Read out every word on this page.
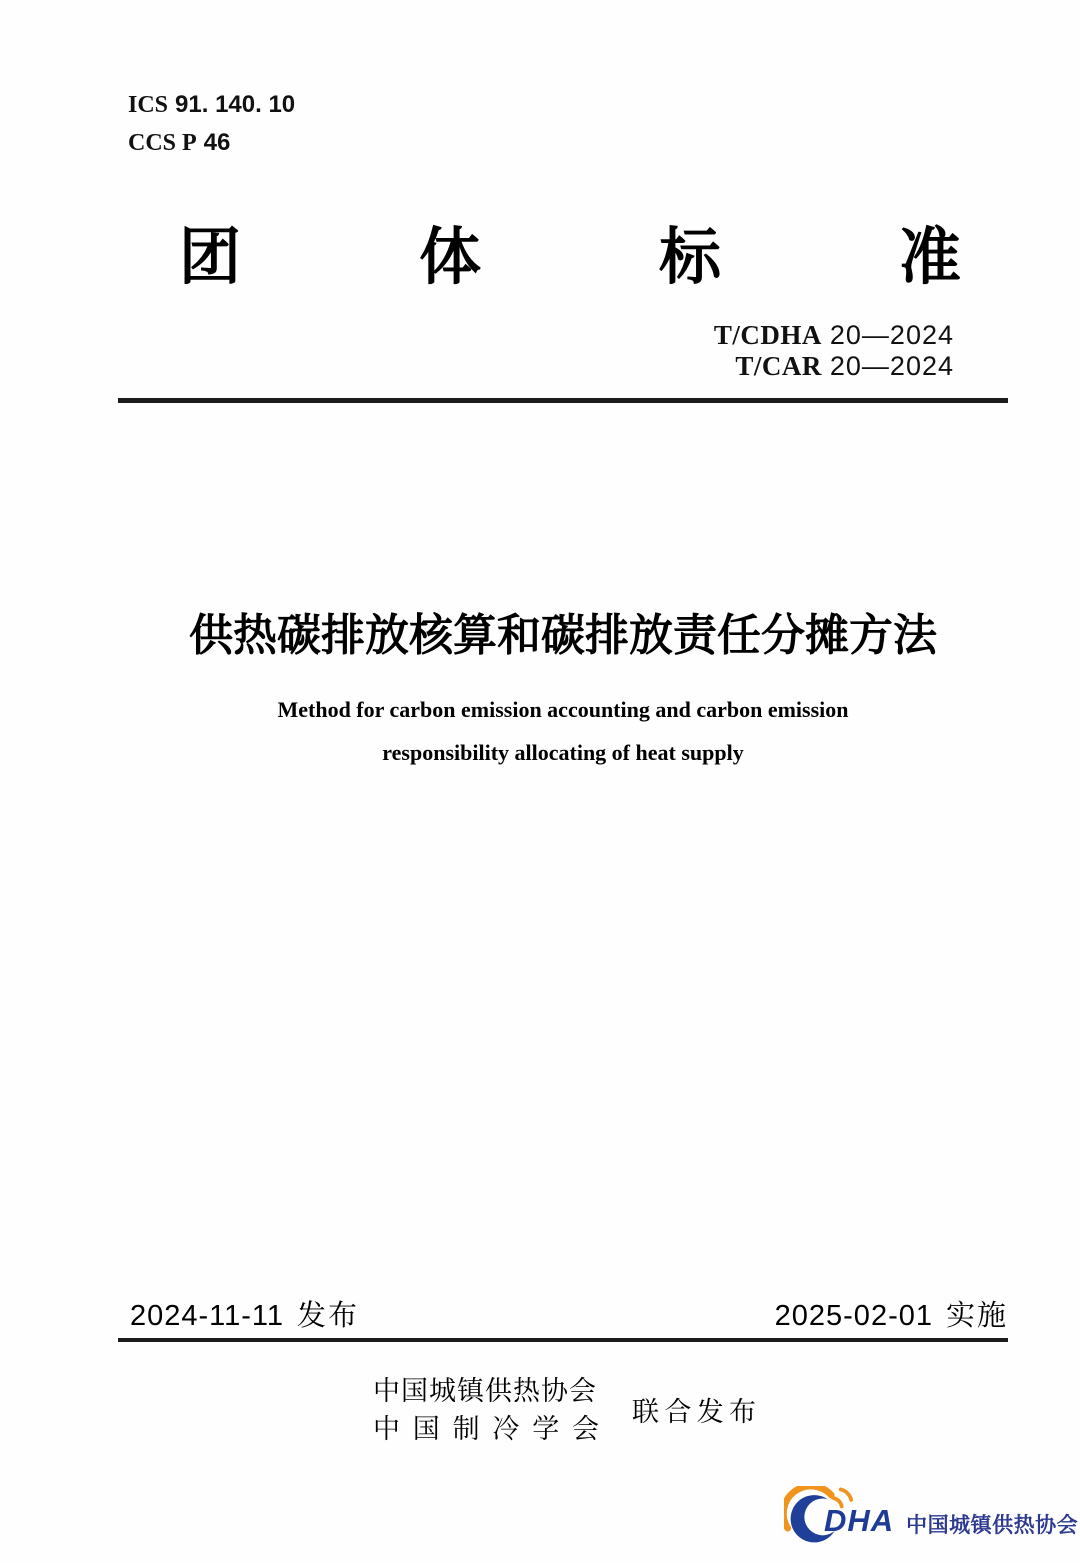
ICS 91. 140. 10
CCS P 46
团	体	标	准
T/CDHA 20—2024
T/CAR 20—2024
供热碳排放核算和碳排放责任分摊方法
Method for carbon emission accounting and carbon emission
responsibility allocating of heat supply
2024-11-11 发布	2025-02-01 实施
中国城镇供热协会
中 国 制 冷 学 会
联 合 发 布
DHA 中国城镇供热协会
